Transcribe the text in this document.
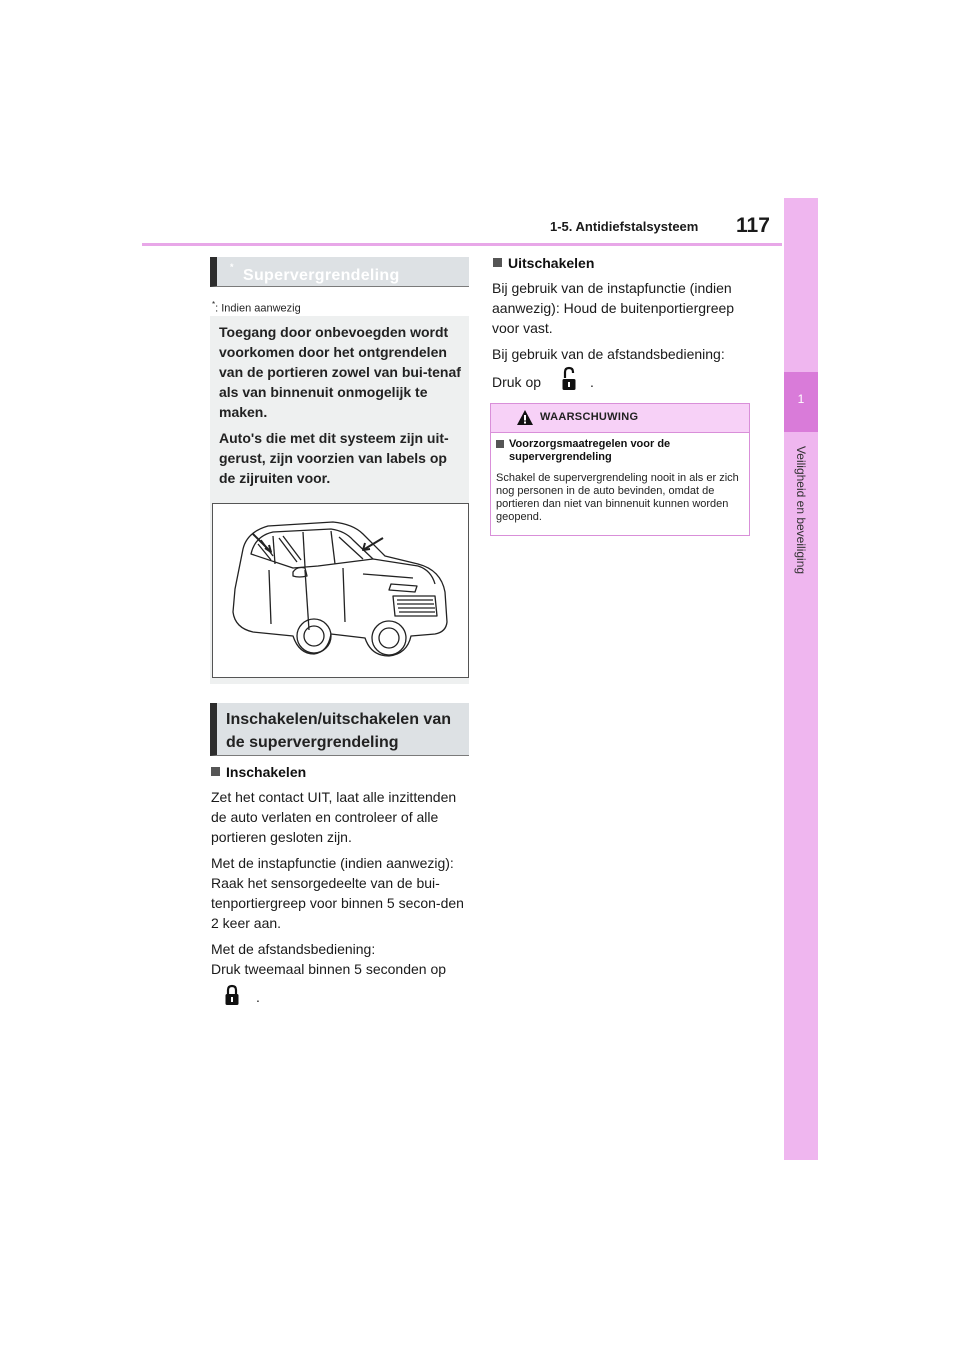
1-5. Antidiefstalsysteem 117
1
Veiligheid en beveiliging
Supervergrendeling
*
*: Indien aanwezig

Toegang door onbevoegden wordt voorkomen door het ontgrendelen van de portieren zowel van bui-tenaf als van binnenuit onmogelijk te maken.

Auto's die met dit systeem zijn uit-gerust, zijn voorzien van labels op de zijruiten voor.

Inschakelen/uitschakelen van
de supervergrendeling
Inschakelen

Zet het contact UIT, laat alle inzittenden de auto verlaten en controleer of alle portieren gesloten zijn.

Met de instapfunctie (indien aanwezig): Raak het sensorgedeelte van de bui-tenportiergreep voor binnen 5 secon-den 2 keer aan.

Met de afstandsbediening:
Druk tweemaal binnen 5 seconden op

.
Uitschakelen

Bij gebruik van de instapfunctie (indien aanwezig): Houd de buitenportiergreep voor vast.

Bij gebruik van de afstandsbediening:

Druk op	.
WAARSCHUWING
Voorzorgsmaatregelen voor de supervergrendeling
Schakel de supervergrendeling nooit in als er zich nog personen in de auto bevinden, omdat de portieren dan niet van binnenuit kunnen worden geopend.
